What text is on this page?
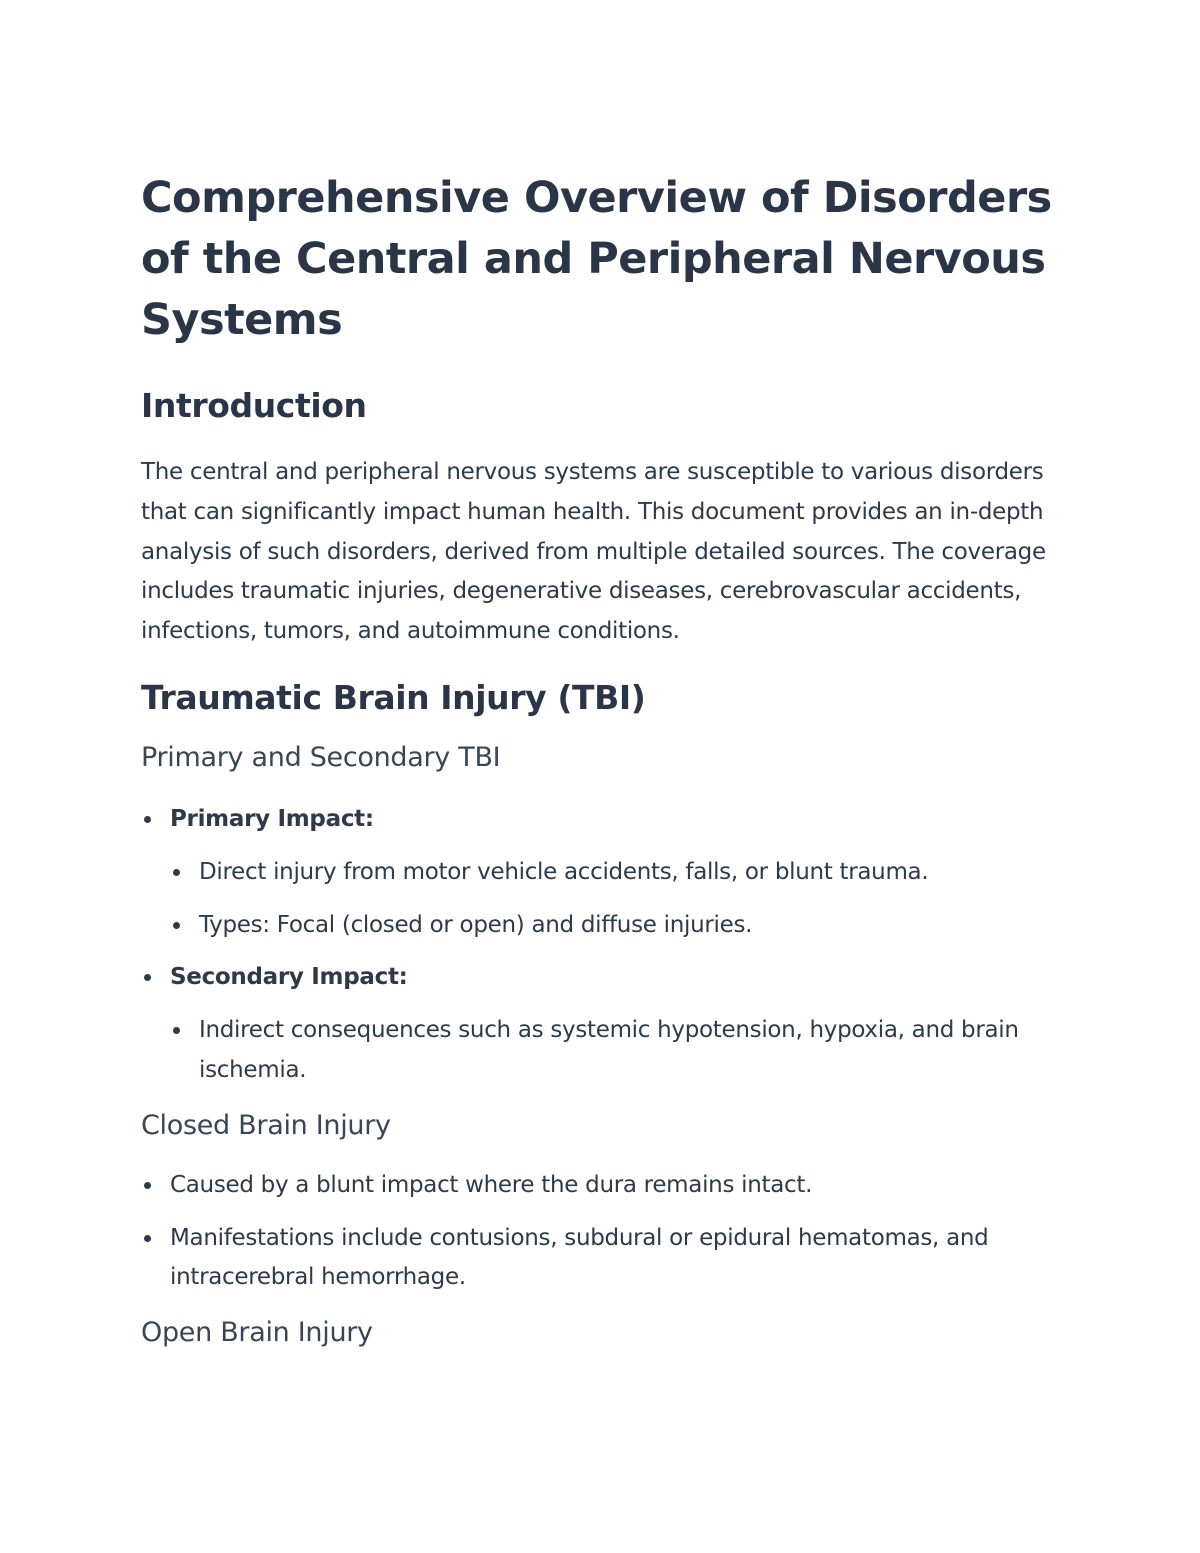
Comprehensive Overview of Disorders of the Central and Peripheral Nervous Systems
Introduction

The central and peripheral nervous systems are susceptible to various disorders that can significantly impact human health. This document provides an in-depth analysis of such disorders, derived from multiple detailed sources. The coverage includes traumatic injuries, degenerative diseases, cerebrovascular accidents, infections, tumors, and autoimmune conditions.

Traumatic Brain Injury (TBI)
Primary and Secondary TBI
Primary Impact:
Direct injury from motor vehicle accidents, falls, or blunt trauma.
Types: Focal (closed or open) and diffuse injuries.
Secondary Impact:
Indirect consequences such as systemic hypotension, hypoxia, and brain ischemia.
Closed Brain Injury
Caused by a blunt impact where the dura remains intact.
Manifestations include contusions, subdural or epidural hematomas, and intracerebral hemorrhage.
Open Brain Injury
